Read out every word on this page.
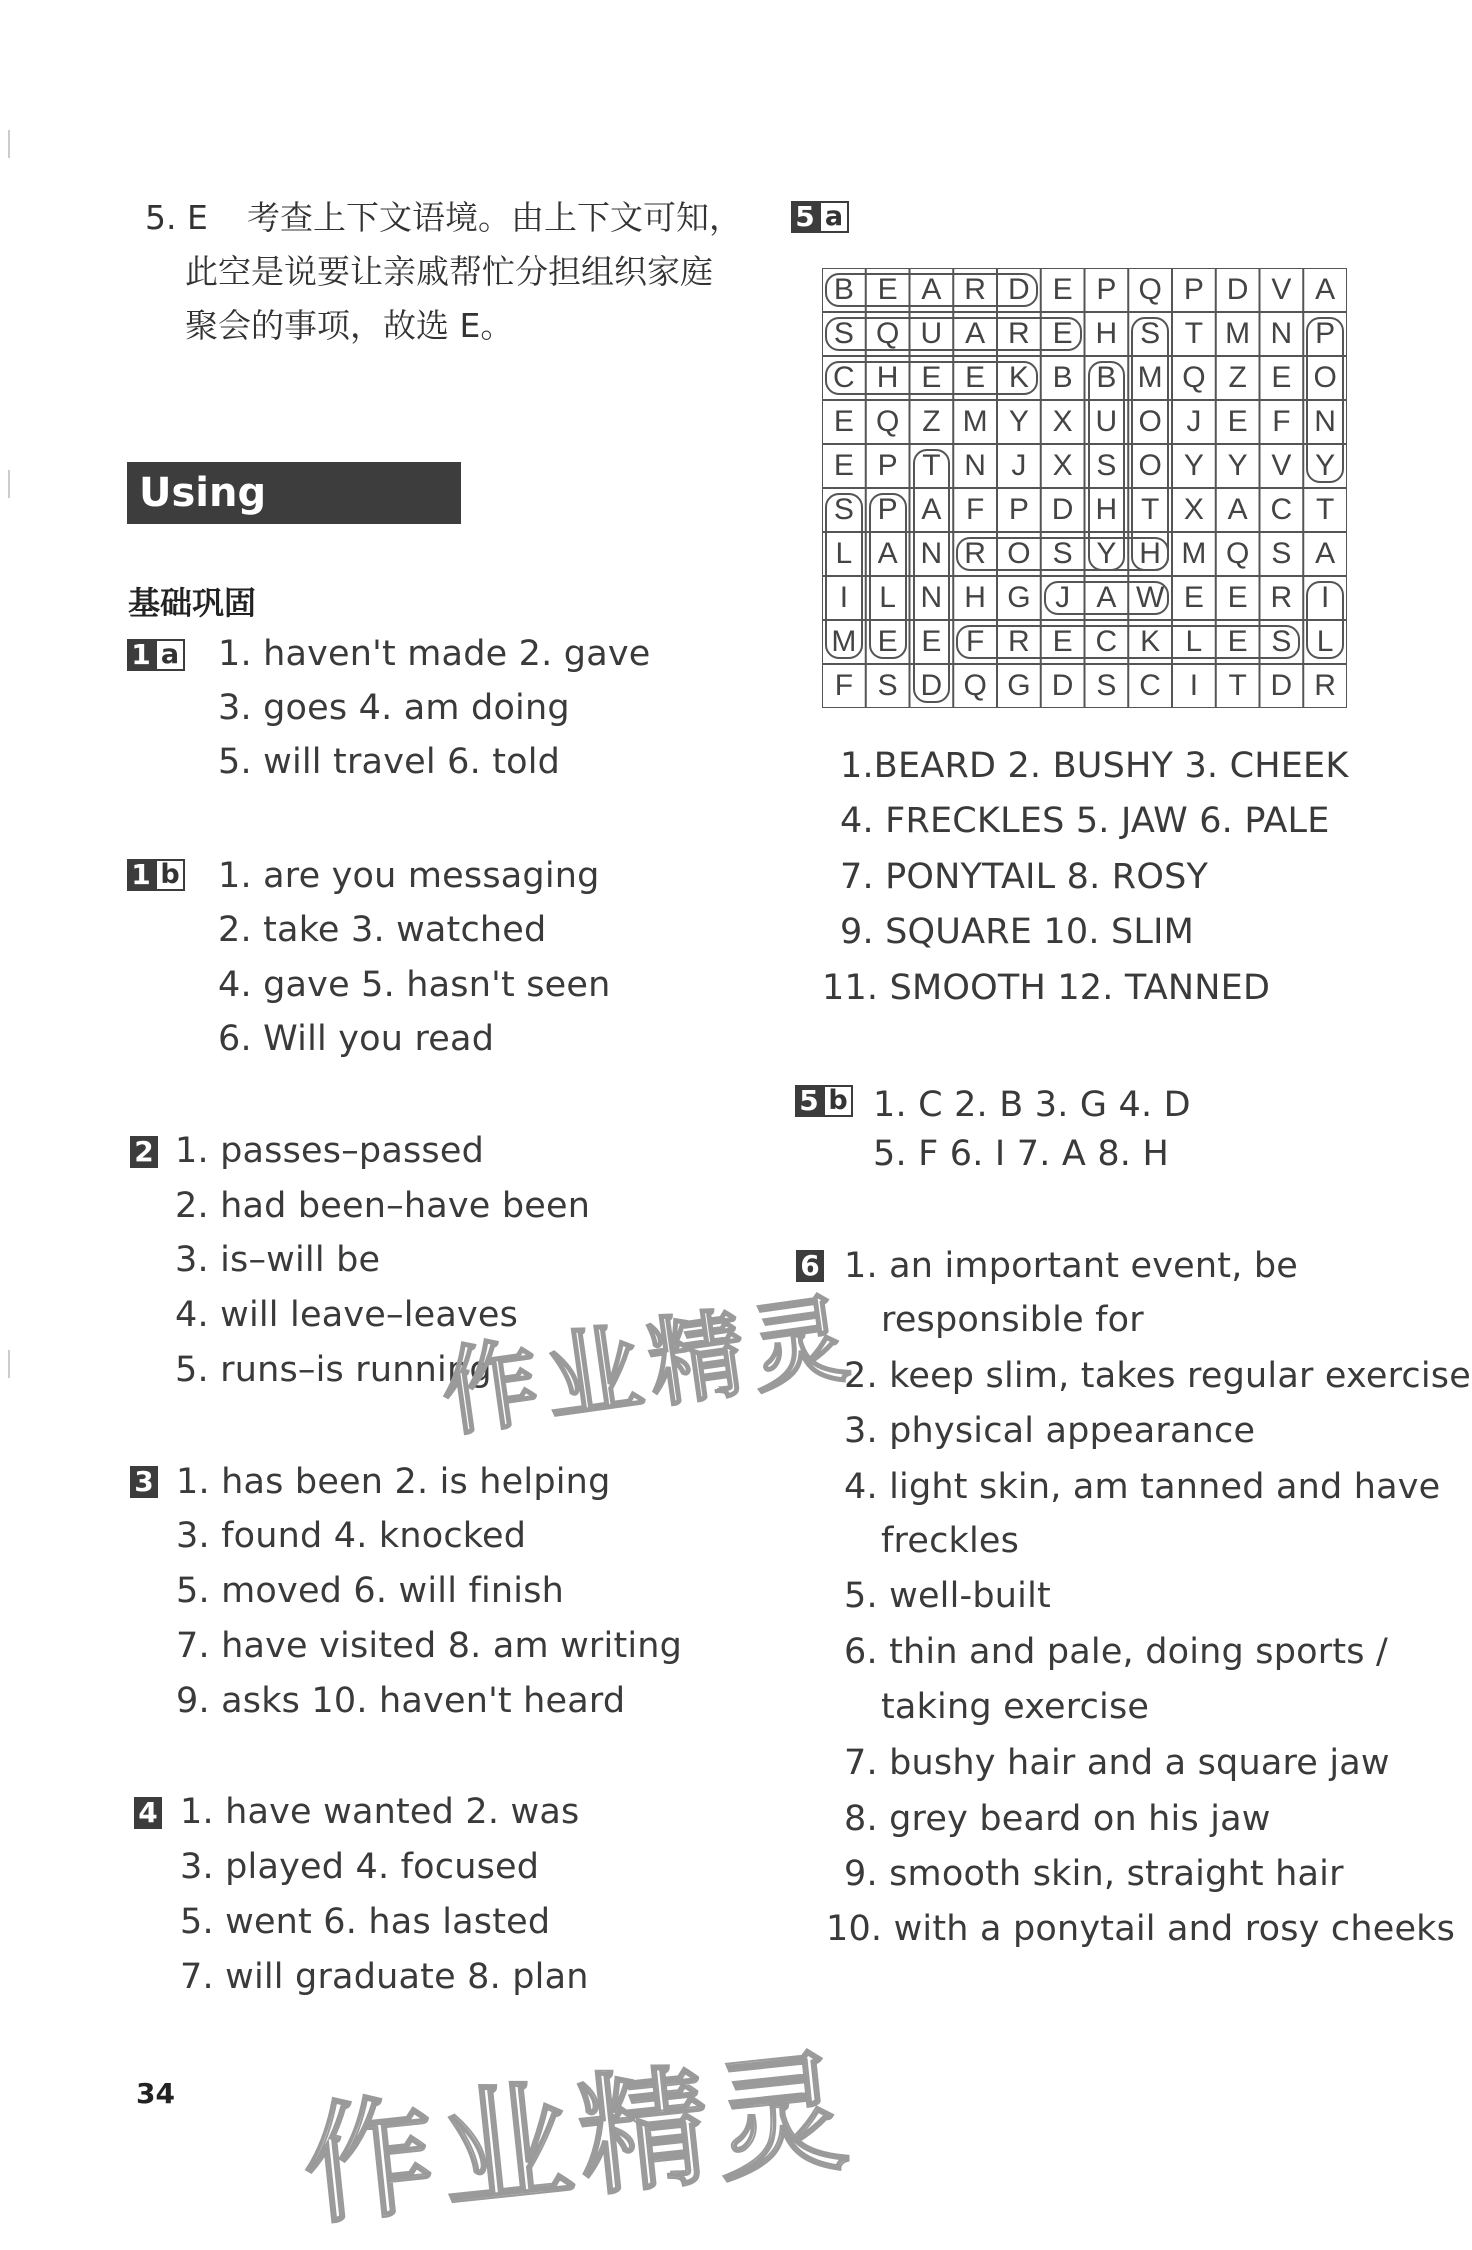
5. E 考查上下文语境。由上下文可知，
此空是说要让亲戚帮忙分担组织家庭
聚会的事项，故选 E。
Using language
基础巩固
1 a 1. haven't made 2. gave
3. goes 4. am doing
5. will travel 6. told
1 b 1. are you messaging
2. take 3. watched
4. gave 5. hasn't seen
6. Will you read
2 1. passes–passed
2. had been–have been
3. is–will be
4. will leave–leaves
5. runs–is running
3 1. has been 2. is helping
3. found 4. knocked
5. moved 6. will finish
7. have visited 8. am writing
9. asks 10. haven't heard
4 1. have wanted 2. was
3. played 4. focused
5. went 6. has lasted
7. will graduate 8. plan
5 a
B E A R D E P Q P D V A
S Q U A R E H S T M N P
C H E E K B B M Q Z E O
E Q Z M Y X U O J E F N
E P T N J X S O Y Y V Y
S P A F P D H T X A C T
L A N R O S Y H M Q S A
I	L N H G J A W E E R I
M E E F R E C K L E S L
F S D Q G D S C I	T D R
1.BEARD 2. BUSHY 3. CHEEK
4. FRECKLES 5. JAW 6. PALE
7. PONYTAIL 8. ROSY
9. SQUARE 10. SLIM
11. SMOOTH 12. TANNED
5 b 1. C 2. B 3. G 4. D
5. F 6. I 7. A 8. H
6 1. an important event, be
responsible for
2. keep slim, takes regular exercise
3. physical appearance
4. light skin, am tanned and have
freckles
5. well-built
6. thin and pale, doing sports /
taking exercise
7. bushy hair and a square jaw
8. grey beard on his jaw
9. smooth skin, straight hair
10. with a ponytail and rosy cheeks
34
作业精灵
作业精灵
